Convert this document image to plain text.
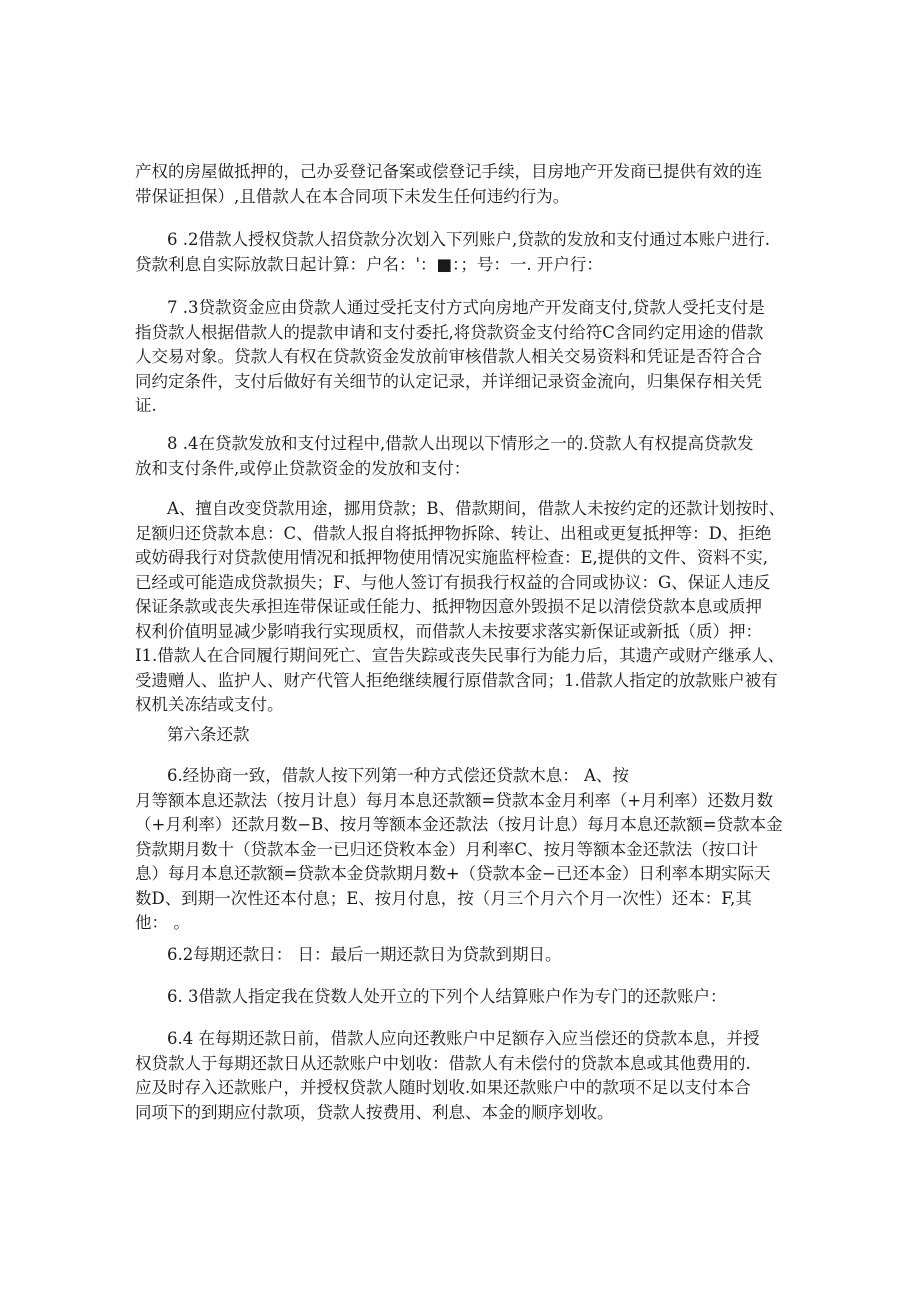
产权的房屋做抵押的，己办妥登记备案或偿登记手续，目房地产开发商已提供有效的连
带保证担保）,且借款人在本合同项下未发生任何违约行为。

6 .2借款人授权贷款人招贷款分次划入下列账户,贷款的发放和支付通过本账户进行.
贷款利息自实际放款日起计算：户名：'：■：；号：一. 开户行：

7 .3贷款资金应由贷款人通过受托支付方式向房地产开发商支付,贷款人受托支付是
指贷款人根据借款人的提款申请和支付委托,将贷款资金支付给符C含同约定用途的借款
人交易对象。贷款人有权在贷款资金发放前审核借款人相关交易资料和凭证是否符合合
同约定条件，支付后做好有关细节的认定记录，并详细记录资金流向，归集保存相关凭
证.

8 .4在贷款发放和支付过程中,借款人出现以下情形之一的.贷款人有权提高贷款发
放和支付条件,或停止贷款资金的发放和支付：

A、擅自改变贷款用途，挪用贷款；B、借款期间，借款人未按约定的还款计划按时、
足额归还贷款本息：C、借款人报自将抵押物拆除、转让、出租或更复抵押等：D、拒绝
或妨碍我行对贷款使用情况和抵押物使用情况实施监枰检查：E,提供的文件、资料不实,
已经或可能造成贷款损失；F、与他人签订有损我行权益的合同或协议：G、保证人违反
保证条款或丧失承担连带保证或任能力、抵押物因意外毁损不足以清偿贷款本息或质押
权利价值明显减少影哨我行实现质权，而借款人未按要求落实新保证或新抵（质）押：
I1.借款人在合同履行期间死亡、宣告失踪或丧失民事行为能力后，其遗产或财产继承人、
受遗赠人、监护人、财产代管人拒绝继续履行原借款含同；1.借款人指定的放款账户被有
权机关冻结或支付。

第六条还款

6.经协商一致，借款人按下列第一种方式偿还贷款木息： A、按
月等额本息还款法（按月计息）每月本息还款额=贷款本金月利率（+月利率）还数月数
（+月利率）还款月数−B、按月等额本金还款法（按月计息）每月本息还款额=贷款本金
贷款期月数十（贷款本金一已归还贷敉本金）月利率C、按月等额本金还款法（按口计
息）每月本息还款额=贷款本金贷款期月数+（贷款本金−已还本金）日利率本期实际天
数D、到期一次性还本付息；E、按月付息，按（月三个月六个月一次性）还本：F,其
他： 。

6.2每期还款日： 日：最后一期还款日为贷款到期日。

6. 3借款人指定我在贷数人处开立的下列个人结算账户作为专门的还款账户：

6.4 在每期还款日前，借款人应向还教账户中足额存入应当偿还的贷款本息，并授
权贷款人于每期还款日从还款账户中划收：借款人有未偿付的贷款本息或其他费用的.
应及时存入还款账户，并授权贷款人随时划收.如果还款账户中的款项不足以支付本合
同项下的到期应付款项，贷款人按费用、利息、本金的顺序划收。
